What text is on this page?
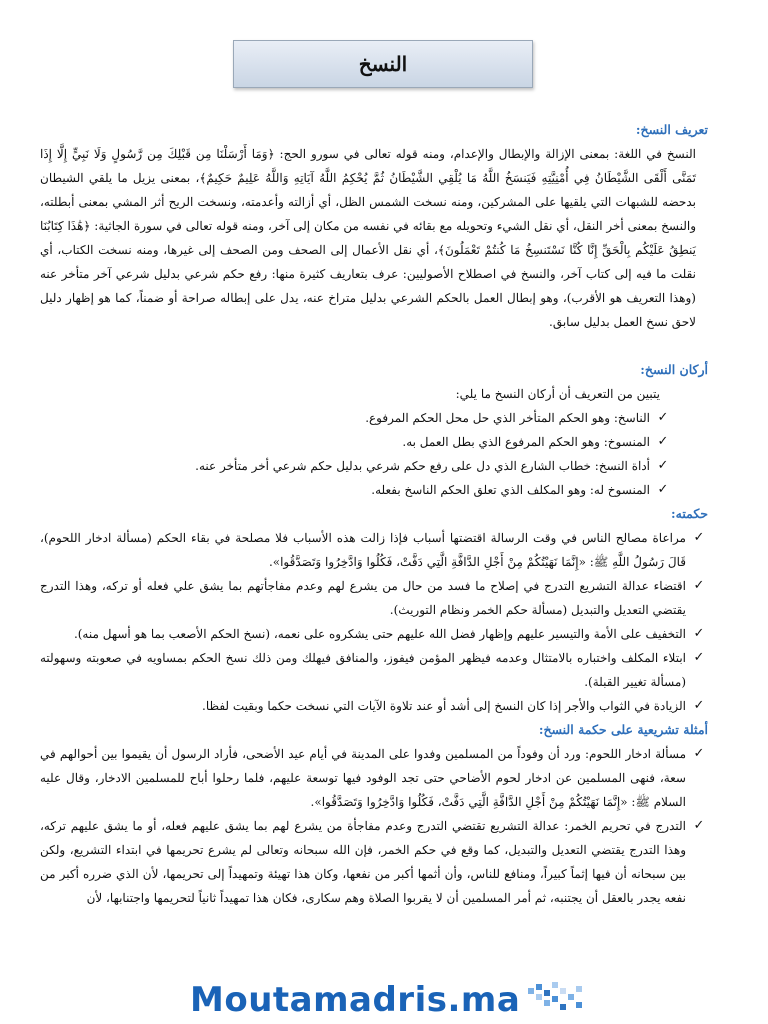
النسخ
تعريف النسخ:

النسخ في اللغة: بمعنى الإزالة والإبطال والإعدام، ومنه قوله تعالى في سورو الحج: ﴿وَمَا أَرْسَلْنَا مِن قَبْلِكَ مِن رَّسُولٍ وَلَا نَبِيٍّ إِلَّا إِذَا تَمَنَّى أَلْقَى الشَّيْطَانُ فِي أُمْنِيَّتِهِ فَيَنسَخُ اللَّهُ مَا يُلْقِي الشَّيْطَانُ ثُمَّ يُحْكِمُ اللَّهُ آيَاتِهِ وَاللَّهُ عَلِيمٌ حَكِيمٌ﴾، بمعنى يزيل ما يلقي الشيطان بدحضه للشبهات التي يلقيها على المشركين، ومنه نسخت الشمس الظل، أي أزالته وأعدمته، ونسخت الريح أثر المشي بمعنى أبطلته، والنسخ بمعنى أخر النقل، أي نقل الشيء وتحويله مع بقائه في نفسه من مكان إلى آخر، ومنه قوله تعالى في سورة الجاثية: ﴿هَٰذَا كِتَابُنَا يَنطِقُ عَلَيْكُم بِالْحَقِّ إِنَّا كُنَّا نَسْتَنسِخُ مَا كُنتُمْ تَعْمَلُونَ﴾، أي نقل الأعمال إلى الصحف ومن الصحف إلى غيرها، ومنه نسخت الكتاب، أي نقلت ما فيه إلى كتاب آخر، والنسخ في اصطلاح الأصوليين: عرف بتعاريف كثيرة منها: رفع حكم شرعي بدليل شرعي آخر متأخر عنه (وهذا التعريف هو الأقرب)، وهو إبطال العمل بالحكم الشرعي بدليل متراخ عنه، يدل على إبطاله صراحة أو ضمناً، كما هو إظهار دليل لاحق نسخ العمل بدليل سابق.

أركان النسخ:

يتبين من التعريف أن أركان النسخ ما يلي:

✓
الناسخ: وهو الحكم المتأخر الذي حل محل الحكم المرفوع.
✓
المنسوخ: وهو الحكم المرفوع الذي بطل العمل به.
✓
أداة النسخ: خطاب الشارع الذي دل على رفع حكم شرعي بدليل حكم شرعي أخر متأخر عنه.
✓
المنسوخ له: وهو المكلف الذي تعلق الحكم الناسخ بفعله.
حكمته:
✓
مراعاة مصالح الناس في وقت الرسالة اقتضتها أسباب فإذا زالت هذه الأسباب فلا مصلحة في بقاء الحكم (مسألة ادخار اللحوم)، قَالَ رَسُولُ اللَّهِ ﷺ: «إِنَّمَا نَهَيْتُكُمْ مِنْ أَجْلِ الدَّافَّةِ الَّتِي دَفَّتْ، فَكُلُوا وَادَّخِرُوا وَتَصَدَّقُوا».
✓
اقتضاء عدالة التشريع التدرج في إصلاح ما فسد من حال من يشرع لهم وعدم مفاجأتهم بما يشق علي فعله أو تركه، وهذا التدرج يقتضي التعديل والتبديل (مسألة حكم الخمر ونظام التوريث).
✓
التخفيف على الأمة والتيسير عليهم وإظهار فضل الله عليهم حتى يشكروه على نعمه، (نسخ الحكم الأصعب بما هو أسهل منه).
✓
ابتلاء المكلف واختباره بالامتثال وعدمه فيظهر المؤمن فيفوز، والمنافق فيهلك ومن ذلك نسخ الحكم بمساويه في صعوبته وسهولته (مسألة تغيير القبلة).
✓
الزيادة في الثواب والأجر إذا كان النسخ إلى أشد أو عند تلاوة الآيات التي نسخت حكما وبقيت لفظا.
أمثلة تشريعية على حكمة النسخ:
✓
مسألة ادخار اللحوم: ورد أن وفوداً من المسلمين وفدوا على المدينة في أيام عيد الأضحى، فأراد الرسول أن يقيموا بين أحوالهم في سعة، فنهى المسلمين عن ادخار لحوم الأضاحي حتى تجد الوفود فيها توسعة عليهم، فلما رحلوا أباح للمسلمين الادخار، وقال عليه السلام ﷺ: «إِنَّمَا نَهَيْتُكُمْ مِنْ أَجْلِ الدَّافَّةِ الَّتِي دَفَّتْ، فَكُلُوا وَادَّخِرُوا وَتَصَدَّقُوا».
✓
التدرج في تحريم الخمر: عدالة التشريع تقتضي التدرج وعدم مفاجأة من يشرع لهم بما يشق عليهم فعله، أو ما يشق عليهم تركه، وهذا التدرج يقتضي التعديل والتبديل، كما وقع في حكم الخمر، فإن الله سبحانه وتعالى لم يشرع تحريمها في ابتداء التشريع، ولكن بين سبحانه أن فيها إثماً كبيراً، ومنافع للناس، وأن أثمها أكبر من نفعها، وكان هذا تهيئة وتمهيداً إلى تحريمها، لأن الذي ضرره أكبر من نفعه يجدر بالعقل أن يجتنبه، ثم أمر المسلمين أن لا يقربوا الصلاة وهم سكارى، فكان هذا تمهيداً ثانياً لتحريمها واجتنابها، لأن
Moutamadris.ma
